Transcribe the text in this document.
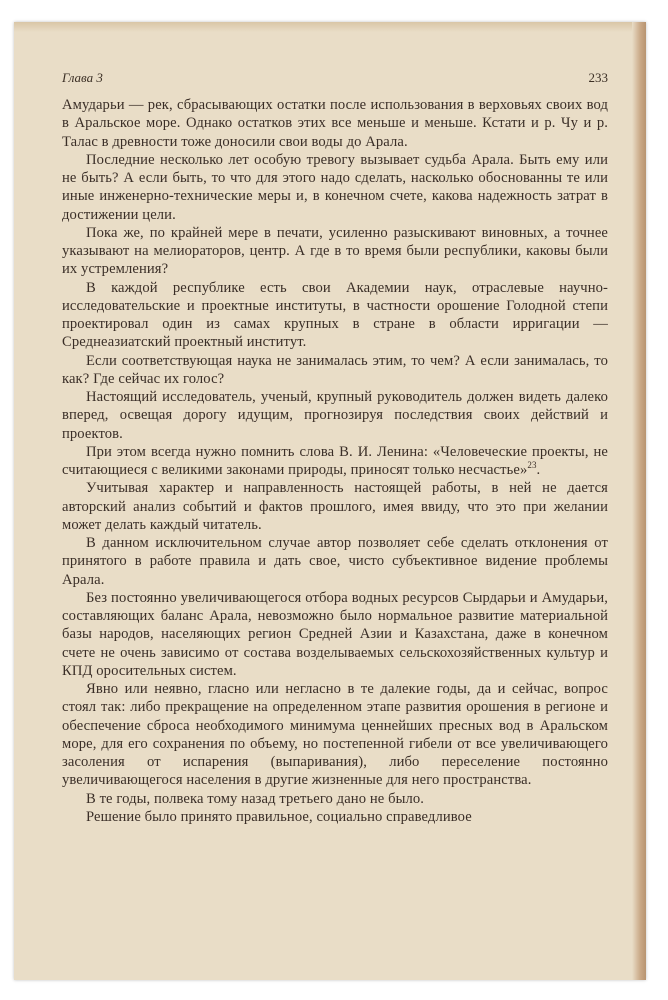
Глава 3	233

Амударьи — рек, сбрасывающих остатки после использования в верховьях своих вод в Аральское море. Однако остатков этих все меньше и меньше. Кстати и р. Чу и р. Талас в древности тоже доносили свои воды до Арала.

Последние несколько лет особую тревогу вызывает судьба Арала. Быть ему или не быть? А если быть, то что для этого надо сделать, насколько обоснованны те или иные инженерно-технические меры и, в конечном счете, какова надежность затрат в достижении цели.

Пока же, по крайней мере в печати, усиленно разыскивают виновных, а точнее указывают на мелиораторов, центр. А где в то время были республики, каковы были их устремления?

В каждой республике есть свои Академии наук, отраслевые научно-исследовательские и проектные институты, в частности орошение Голодной степи проектировал один из самах крупных в стране в области ирригации — Среднеазиатский проектный институт.

Если соответствующая наука не занималась этим, то чем? А если занималась, то как? Где сейчас их голос?

Настоящий исследователь, ученый, крупный руководитель должен видеть далеко вперед, освещая дорогу идущим, прогнозируя последствия своих действий и проектов.

При этом всегда нужно помнить слова В. И. Ленина: «Человеческие проекты, не считающиеся с великими законами природы, приносят только несчастье»$^{23}$.

Учитывая характер и направленность настоящей работы, в ней не дается авторский анализ событий и фактов прошлого, имея ввиду, что это при желании может делать каждый читатель.

В данном исключительном случае автор позволяет себе сделать отклонения от принятого в работе правила и дать свое, чисто субъективное видение проблемы Арала.

Без постоянно увеличивающегося отбора водных ресурсов Сырдарьи и Амударьи, составляющих баланс Арала, невозможно было нормальное развитие материальной базы народов, населяющих регион Средней Азии и Казахстана, даже в конечном счете не очень зависимо от состава возделываемых сельскохозяйственных культур и КПД оросительных систем.

Явно или неявно, гласно или негласно в те далекие годы, да и сейчас, вопрос стоял так: либо прекращение на определенном этапе развития орошения в регионе и обеспечение сброса необходимого минимума ценнейших пресных вод в Аральском море, для его сохранения по объему, но постепенной гибели от все увеличивающего засоления от испарения (выпаривания), либо переселение постоянно увеличивающегося населения в другие жизненные для него пространства.

В те годы, полвека тому назад третьего дано не было.

Решение было принято правильное, социально справедливое
